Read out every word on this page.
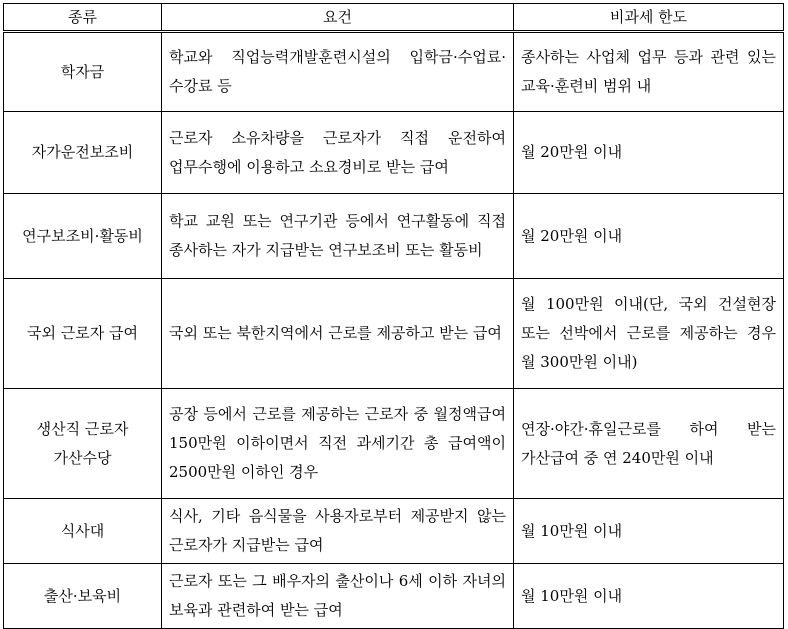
종류	요건	비과세 한도
학자금	학교와 직업능력개발훈련시설의 입학금·수업료·수강료 등	종사하는 사업체 업무 등과 관련 있는 교육·훈련비 범위 내
자가운전보조비	근로자 소유차량을 근로자가 직접 운전하여 업무수행에 이용하고 소요경비로 받는 급여	월 20만원 이내
연구보조비·활동비	학교 교원 또는 연구기관 등에서 연구활동에 직접 종사하는 자가 지급받는 연구보조비 또는 활동비	월 20만원 이내
국외 근로자 급여	국외 또는 북한지역에서 근로를 제공하고 받는 급여	월 100만원 이내(단, 국외 건설현장 또는 선박에서 근로를 제공하는 경우 월 300만원 이내)
생산직 근로자 가산수당	공장 등에서 근로를 제공하는 근로자 중 월정액급여 150만원 이하이면서 직전 과세기간 총 급여액이 2500만원 이하인 경우	연장·야간·휴일근로를 하여 받는 가산급여 중 연 240만원 이내
식사대	식사, 기타 음식물을 사용자로부터 제공받지 않는 근로자가 지급받는 급여	월 10만원 이내
출산·보육비	근로자 또는 그 배우자의 출산이나 6세 이하 자녀의 보육과 관련하여 받는 급여	월 10만원 이내
